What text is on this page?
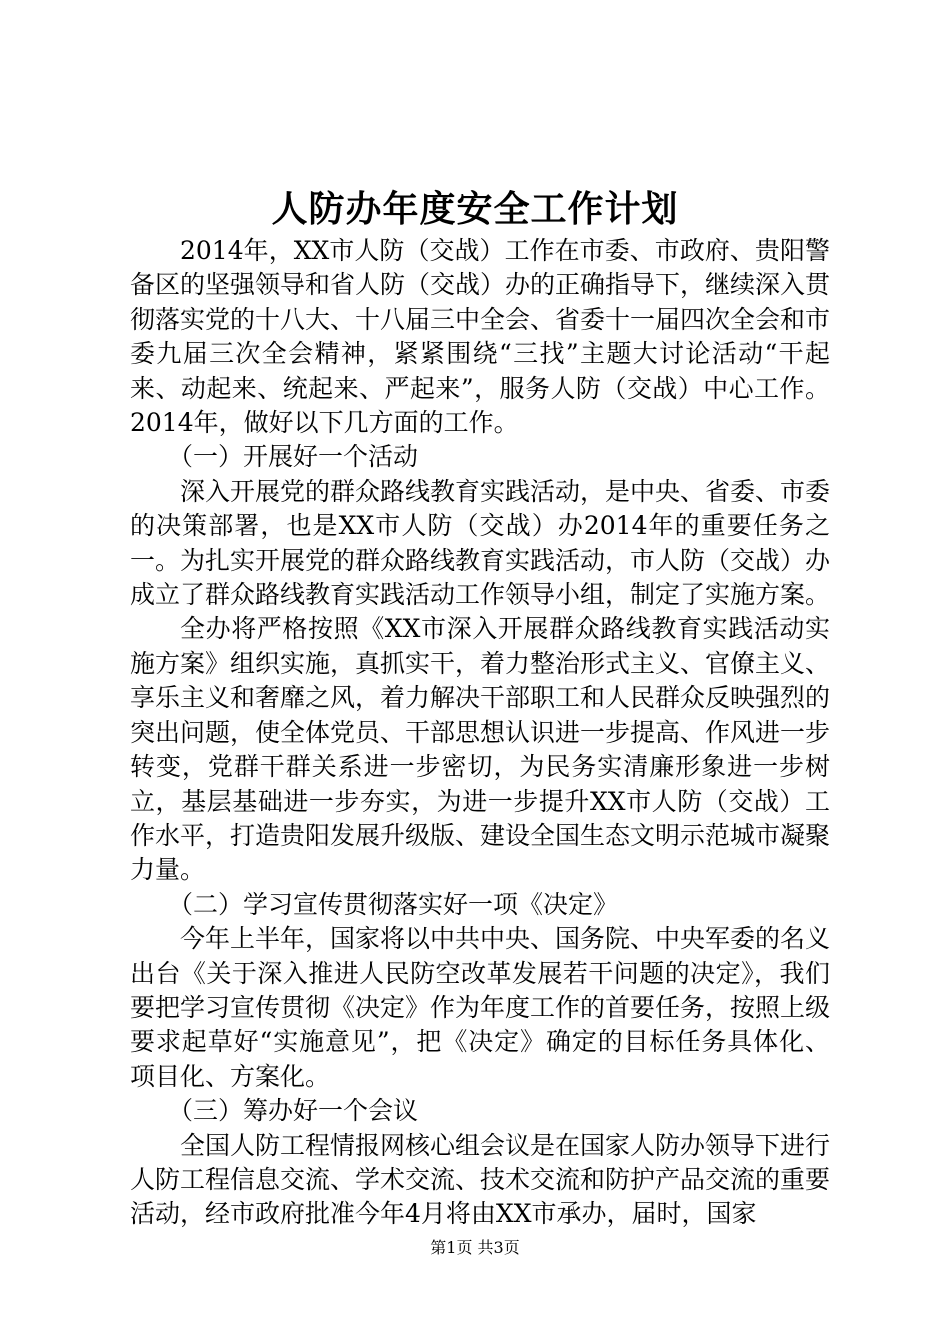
人防办年度安全工作计划

2014年，XX市人防（交战）工作在市委、市政府、贵阳警备区的坚强领导和省人防（交战）办的正确指导下，继续深入贯彻落实党的十八大、十八届三中全会、省委十一届四次全会和市委九届三次全会精神，紧紧围绕“三找”主题大讨论活动“干起来、动起来、统起来、严起来”，服务人防（交战）中心工作。2014年，做好以下几方面的工作。

（一）开展好一个活动

深入开展党的群众路线教育实践活动，是中央、省委、市委的决策部署，也是XX市人防（交战）办2014年的重要任务之一。为扎实开展党的群众路线教育实践活动，市人防（交战）办成立了群众路线教育实践活动工作领导小组，制定了实施方案。

全办将严格按照《XX市深入开展群众路线教育实践活动实施方案》组织实施，真抓实干，着力整治形式主义、官僚主义、享乐主义和奢靡之风，着力解决干部职工和人民群众反映强烈的突出问题，使全体党员、干部思想认识进一步提高、作风进一步转变，党群干群关系进一步密切，为民务实清廉形象进一步树立，基层基础进一步夯实，为进一步提升XX市人防（交战）工作水平，打造贵阳发展升级版、建设全国生态文明示范城市凝聚力量。

（二）学习宣传贯彻落实好一项《决定》

今年上半年，国家将以中共中央、国务院、中央军委的名义出台《关于深入推进人民防空改革发展若干问题的决定》，我们要把学习宣传贯彻《决定》作为年度工作的首要任务，按照上级要求起草好“实施意见”，把《决定》确定的目标任务具体化、项目化、方案化。

（三）筹办好一个会议

全国人防工程情报网核心组会议是在国家人防办领导下进行人防工程信息交流、学术交流、技术交流和防护产品交流的重要活动，经市政府批准今年4月将由XX市承办，届时，国家

第1页 共3页
